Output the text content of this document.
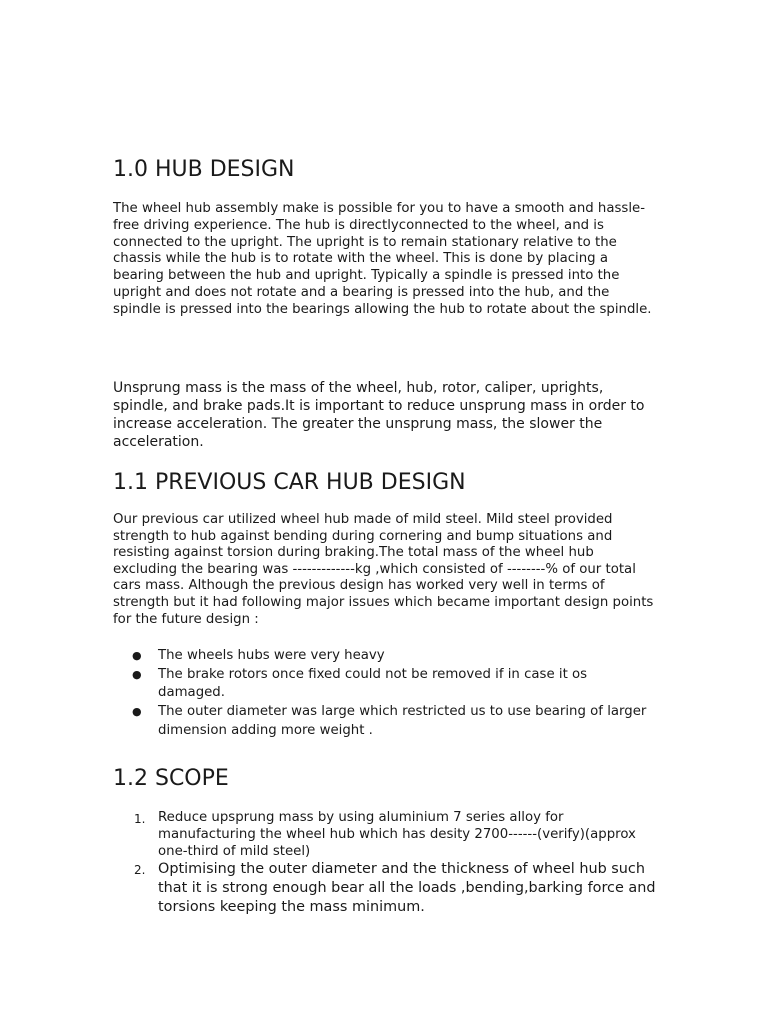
1.0 HUB DESIGN

The wheel hub assembly make is possible for you to have a smooth and hassle-free driving experience. The hub is directlyconnected to the wheel, and is connected to the upright. The upright is to remain stationary relative to the chassis while the hub is to rotate with the wheel. This is done by placing a bearing between the hub and upright. Typically a spindle is pressed into the upright and does not rotate and a bearing is pressed into the hub, and the spindle is pressed into the bearings allowing the hub to rotate about the spindle.

Unsprung mass is the mass of the wheel, hub, rotor, caliper, uprights, spindle, and brake pads.It is important to reduce unsprung mass in order to increase acceleration. The greater the unsprung mass, the slower the acceleration.

1.1 PREVIOUS CAR HUB DESIGN

Our previous car utilized wheel hub made of mild steel. Mild steel provided strength to hub against bending during cornering and bump situations and resisting against torsion during braking.The total mass of the wheel hub excluding the bearing was -------------kg ,which consisted of --------% of our total cars mass. Although the previous design has worked very well in terms of strength but it had following major issues which became important design points for the future design :

● The wheels hubs were very heavy
● The brake rotors once fixed could not be removed if in case it os damaged.
● The outer diameter was large which restricted us to use bearing of larger dimension adding more weight .
1.2 SCOPE
1. Reduce upsprung mass by using aluminium 7 series alloy for manufacturing the wheel hub which has desity 2700------(verify)(approx one-third of mild steel)
2. Optimising the outer diameter and the thickness of wheel hub such that it is strong enough bear all the loads ,bending,barking force and torsions keeping the mass minimum.
